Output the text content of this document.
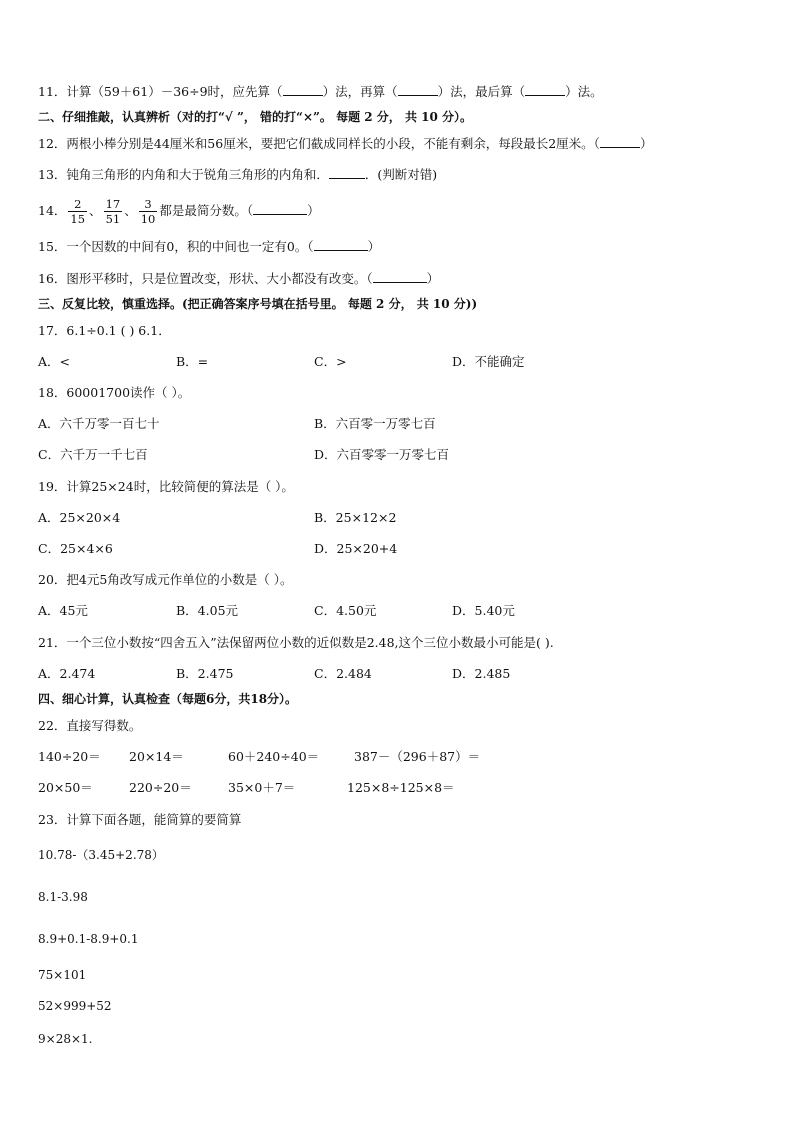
11．计算（59＋61）－36÷9时，应先算（	）法，再算（	）法，最后算（	）法。
二、仔细推敲，认真辨析（对的打“√ ”， 错的打“×”。 每题 2 分， 共 10 分）。
12．两根小棒分别是44厘米和56厘米，要把它们截成同样长的小段，不能有剩余，每段最长2厘米。（	）
13．钝角三角形的内角和大于锐角三角形的内角和．	．(判断对错)
14． $\frac{2}{15}$ 、 $\frac{17}{51}$ 、 $\frac{3}{10}$ 都是最简分数。（	）
15．一个因数的中间有0，积的中间也一定有0。（	）
16．图形平移时，只是位置改变，形状、大小都没有改变。（	）
三、反复比较，慎重选择。(把正确答案序号填在括号里。 每题 2 分， 共 10 分))
17．6.1÷0.1 ( ) 6.1．
A．<	B．=	C．>	D．不能确定
18．60001700读作（ ）。
A．六千万零一百七十	B．六百零一万零七百
C．六千万一千七百	D．六百零零一万零七百
19．计算25×24时，比较简便的算法是（ ）。
A．25×20×4	B．25×12×2
C．25×4×6	D．25×20+4
20．把4元5角改写成元作单位的小数是（ ）。
A．45元	B．4.05元	C．4.50元	D．5.40元
21．一个三位小数按“四舍五入”法保留两位小数的近似数是2.48,这个三位小数最小可能是( ).
A．2.474	B．2.475	C．2.484	D．2.485
四、细心计算，认真检查（每题6分，共18分）。
22．直接写得数。
140÷20＝ 20×14＝	60＋240÷40＝	387－（296＋87）＝
20×50＝	220÷20＝	35×0＋7＝	125×8÷125×8＝
23．计算下面各题，能简算的要简算
10.78-（3.45+2.78）
8.1-3.98
8.9+0.1-8.9+0.1
75×101
52×999+52
9×28×1.
